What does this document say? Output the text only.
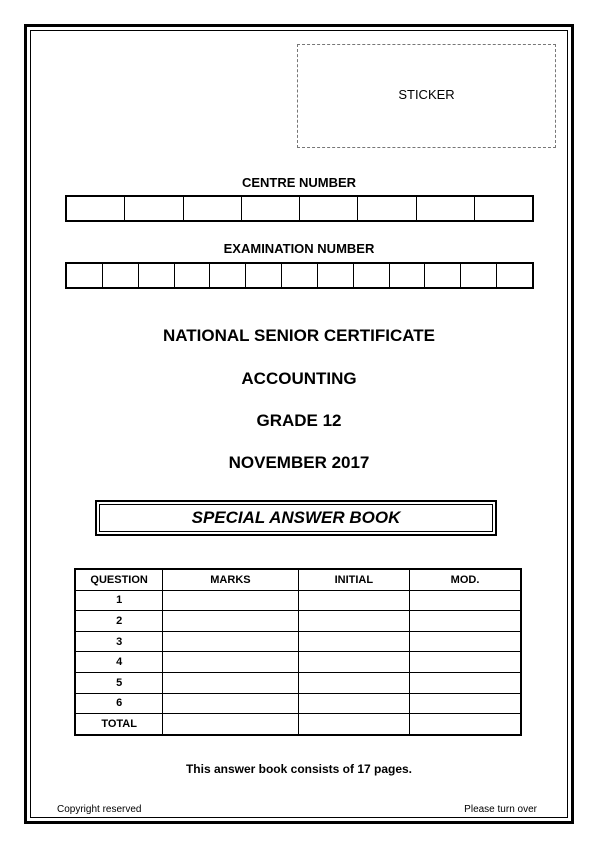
STICKER
CENTRE NUMBER
EXAMINATION NUMBER
NATIONAL SENIOR CERTIFICATE
ACCOUNTING
GRADE 12
NOVEMBER 2017
SPECIAL ANSWER BOOK
QUESTION	MARKS	INITIAL	MOD.
1			
2			
3			
4			
5			
6			
TOTAL			
This answer book consists of 17 pages.
Copyright reserved	Please turn over
